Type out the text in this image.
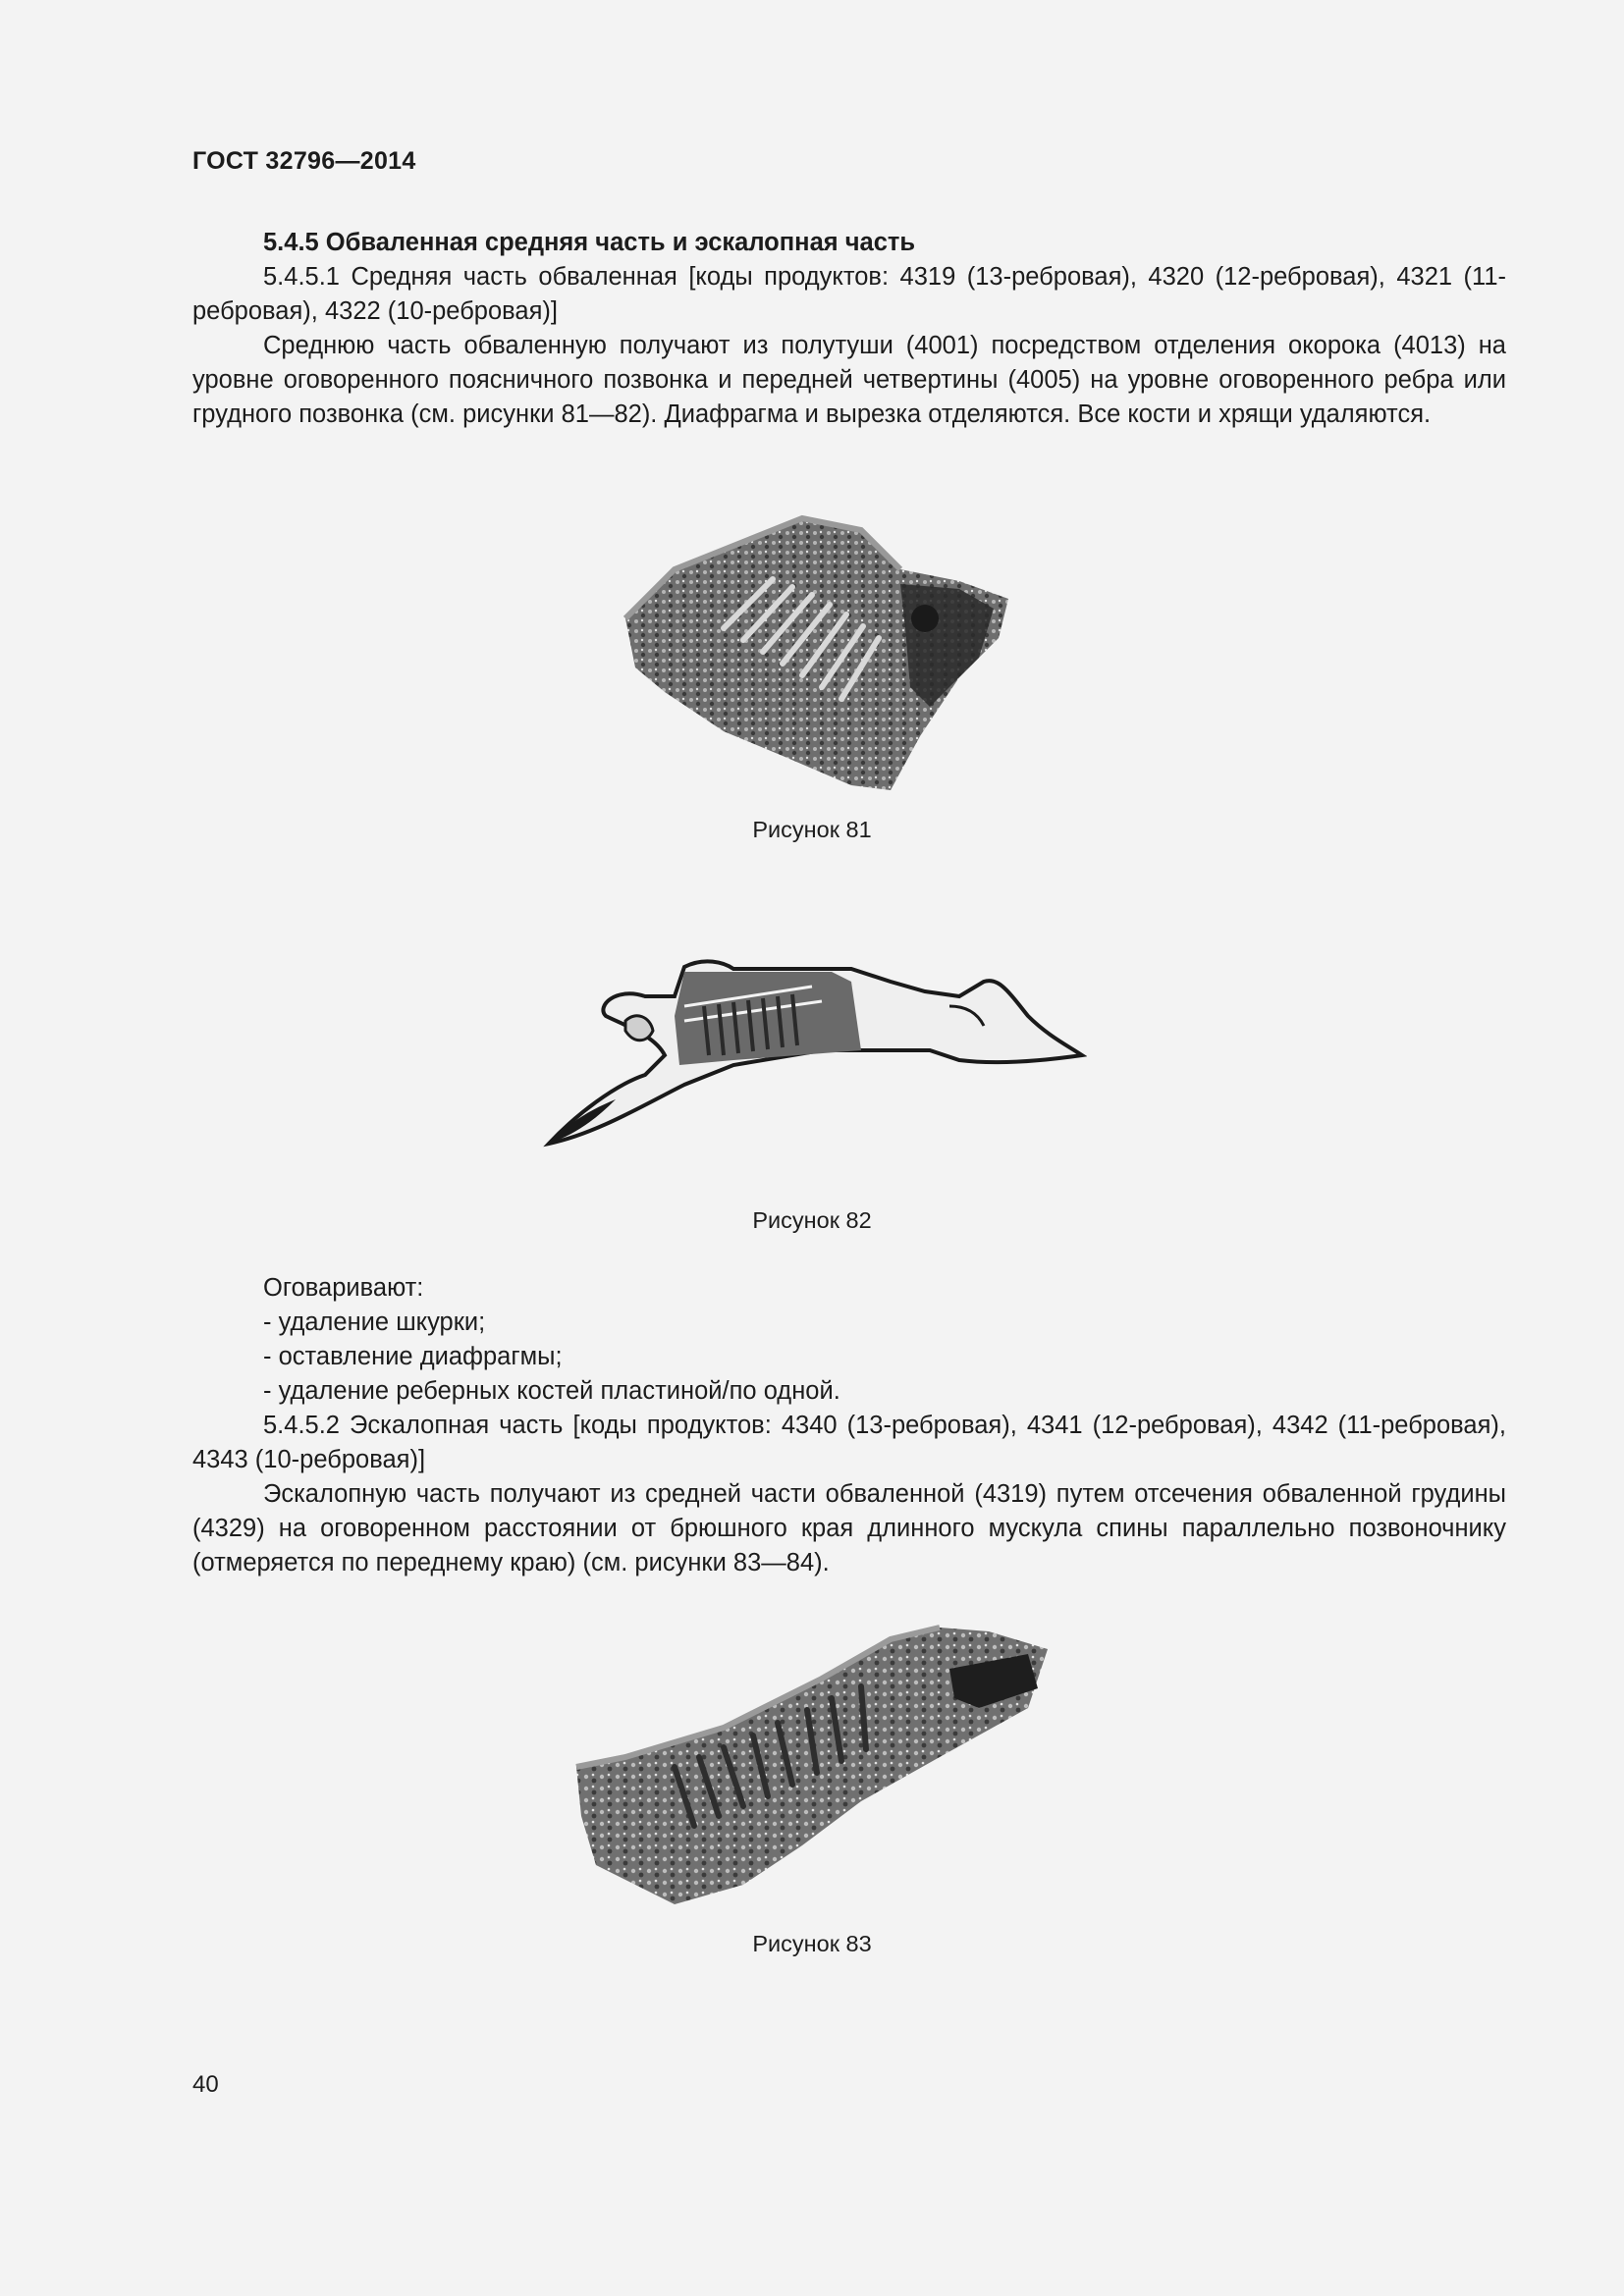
ГОСТ 32796—2014

5.4.5 Обваленная средняя часть и эскалопная часть

5.4.5.1 Средняя часть обваленная [коды продуктов: 4319 (13-ребровая), 4320 (12-ребровая), 4321 (11-ребровая), 4322 (10-ребровая)]

Среднюю часть обваленную получают из полутуши (4001) посредством отделения окорока (4013) на уровне оговоренного поясничного позвонка и передней четвертины (4005) на уровне оговоренного ребра или грудного позвонка (см. рисунки 81—82). Диафрагма и вырезка отделяются. Все кости и хрящи удаляются.

Рисунок 81
Рисунок 82

Оговаривают:

- удаление шкурки;
- оставление диафрагмы;
- удаление реберных костей пластиной/по одной.

5.4.5.2 Эскалопная часть [коды продуктов: 4340 (13-ребровая), 4341 (12-ребровая), 4342 (11-ребровая), 4343 (10-ребровая)]

Эскалопную часть получают из средней части обваленной (4319) путем отсечения обваленной грудины (4329) на оговоренном расстоянии от брюшного края длинного мускула спины параллельно позвоночнику (отмеряется по переднему краю) (см. рисунки 83—84).

Рисунок 83
40
